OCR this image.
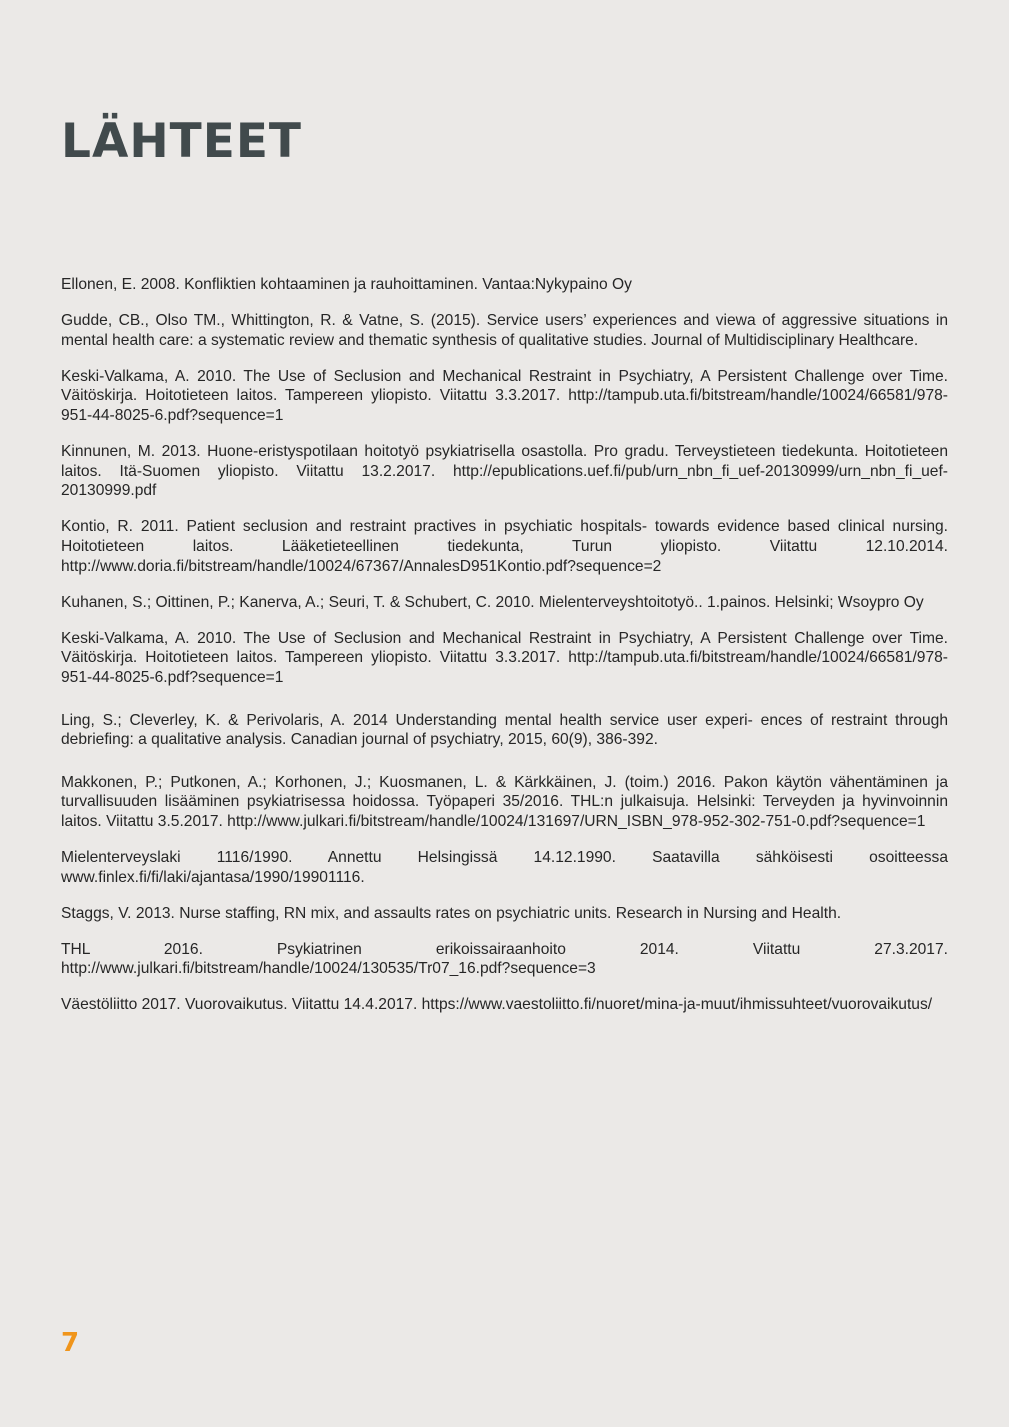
LÄHTEET
Ellonen, E. 2008. Konfliktien kohtaaminen ja rauhoittaminen. Vantaa:Nykypaino Oy
Gudde, CB., Olso TM., Whittington, R. & Vatne, S. (2015). Service users’ experiences and viewa of aggressive situations in mental health care: a systematic review and thematic synthesis of qualitative studies. Journal of Multidisciplinary Healthcare.
Keski-Valkama, A. 2010. The Use of Seclusion and Mechanical Restraint in Psychiatry, A Persistent Challenge over Time. Väitöskirja. Hoitotieteen laitos. Tampereen yliopisto. Viitattu 3.3.2017. http://tampub.uta.fi/bitstream/handle/10024/66581/978-951-44-8025-6.pdf?sequence=1
Kinnunen, M. 2013. Huone-eristyspotilaan hoitotyö psykiatrisella osastolla. Pro gradu. Terveystieteen tiedekunta. Hoitotieteen laitos. Itä-Suomen yliopisto. Viitattu 13.2.2017. http://epublications.uef.fi/pub/urn_nbn_fi_uef-20130999/urn_nbn_fi_uef-20130999.pdf
Kontio, R. 2011. Patient seclusion and restraint practives in psychiatic hospitals- towards evidence based clinical nursing. Hoitotieteen laitos. Lääketieteellinen tiedekunta, Turun yliopisto. Viitattu 12.10.2014. http://www.doria.fi/bitstream/handle/10024/67367/AnnalesD951Kontio.pdf?sequence=2
Kuhanen, S.; Oittinen, P.; Kanerva, A.; Seuri, T. & Schubert, C. 2010. Mielenterveyshtoitotyö.. 1.painos. Helsinki; Wsoypro Oy
Keski-Valkama, A. 2010. The Use of Seclusion and Mechanical Restraint in Psychiatry, A Persistent Challenge over Time. Väitöskirja. Hoitotieteen laitos. Tampereen yliopisto. Viitattu 3.3.2017. http://tampub.uta.fi/bitstream/handle/10024/66581/978-951-44-8025-6.pdf?sequence=1
Ling, S.; Cleverley, K. & Perivolaris, A. 2014 Understanding mental health service user experi- ences of restraint through debriefing: a qualitative analysis. Canadian journal of psychiatry, 2015, 60(9), 386-392.
Makkonen, P.; Putkonen, A.; Korhonen, J.; Kuosmanen, L. & Kärkkäinen, J. (toim.) 2016. Pakon käytön vähentäminen ja turvallisuuden lisääminen psykiatrisessa hoidossa. Työpaperi 35/2016. THL:n julkaisuja. Helsinki: Terveyden ja hyvinvoinnin laitos. Viitattu 3.5.2017. http://www.julkari.fi/bitstream/handle/10024/131697/URN_ISBN_978-952-302-751-0.pdf?sequence=1
Mielenterveyslaki 1116/1990. Annettu Helsingissä 14.12.1990. Saatavilla sähköisesti osoitteessa www.finlex.fi/fi/laki/ajantasa/1990/19901116.
Staggs, V. 2013. Nurse staffing, RN mix, and assaults rates on psychiatric units. Research in Nursing and Health.
THL 2016. Psykiatrinen erikoissairaanhoito 2014. Viitattu 27.3.2017. http://www.julkari.fi/bitstream/handle/10024/130535/Tr07_16.pdf?sequence=3
Väestöliitto 2017. Vuorovaikutus. Viitattu 14.4.2017. https://www.vaestoliitto.fi/nuoret/mina-ja-muut/ihmissuhteet/vuorovaikutus/
7
